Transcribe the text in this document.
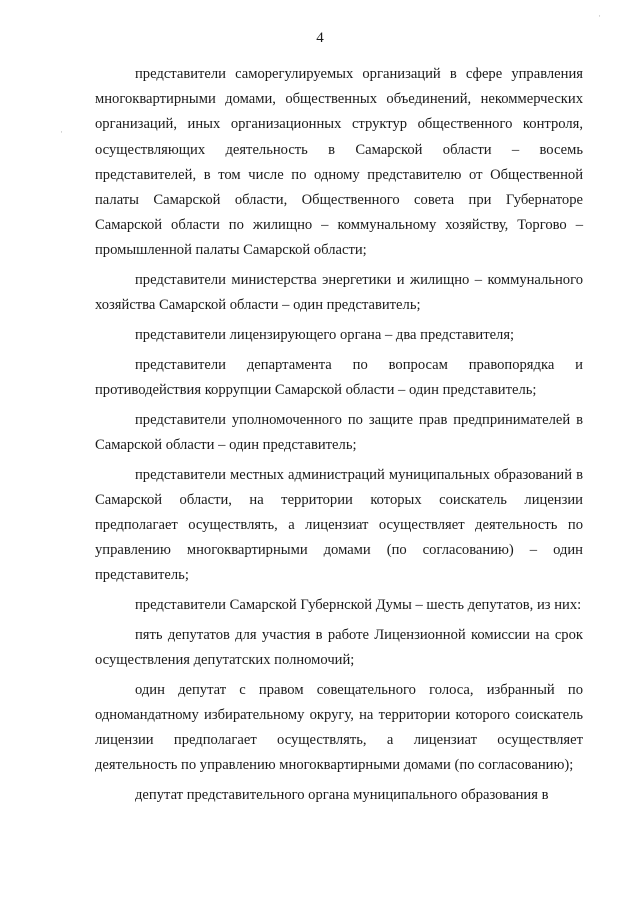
4
·
·

представители саморегулируемых организаций в сфере управления многоквартирными домами, общественных объединений, некоммерческих организаций, иных организационных структур общественного контроля, осуществляющих деятельность в Самарской области – восемь представителей, в том числе по одному представителю от Общественной палаты Самарской области, Общественного совета при Губернаторе Самарской области по жилищно – коммунальному хозяйству, Торгово – промышленной палаты Самарской области;

представители министерства энергетики и жилищно – коммунального хозяйства Самарской области – один представитель;

представители лицензирующего органа – два представителя;

представители департамента по вопросам правопорядка и противодействия коррупции Самарской области – один представитель;

представители уполномоченного по защите прав предпринимателей в Самарской области – один представитель;

представители местных администраций муниципальных образований в Самарской области, на территории которых соискатель лицензии предполагает осуществлять, а лицензиат осуществляет деятельность по управлению многоквартирными домами (по согласованию) – один представитель;

представители Самарской Губернской Думы – шесть депутатов, из них:

пять депутатов для участия в работе Лицензионной комиссии на срок осуществления депутатских полномочий;

один депутат с правом совещательного голоса, избранный по одномандатному избирательному округу, на территории которого соискатель лицензии предполагает осуществлять, а лицензиат осуществляет деятельность по управлению многоквартирными домами (по согласованию);

депутат представительного органа муниципального образования в
